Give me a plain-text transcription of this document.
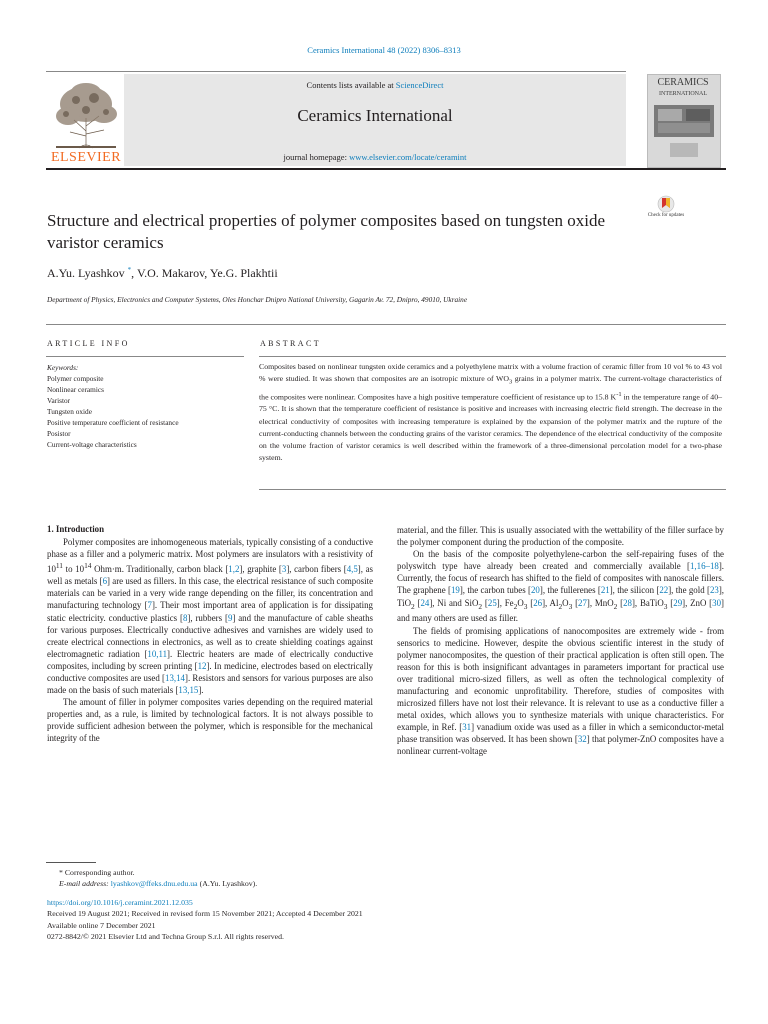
Ceramics International 48 (2022) 8306–8313
Contents lists available at ScienceDirect
Ceramics International
journal homepage: www.elsevier.com/locate/ceramint
ELSEVIER
CERAMICS
INTERNATIONAL
Check for updates
Structure and electrical properties of polymer composites based on tungsten oxide varistor ceramics
A.Yu. Lyashkov *, V.O. Makarov, Ye.G. Plakhtii
Department of Physics, Electronics and Computer Systems, Oles Honchar Dnipro National University, Gagarin Av. 72, Dnipro, 49010, Ukraine
ARTICLE INFO	ABSTRACT
Keywords:
Polymer composite
Nonlinear ceramics
Varistor
Tungsten oxide
Positive temperature coefficient of resistance
Posistor
Current-voltage characteristics
Composites based on nonlinear tungsten oxide ceramics and a polyethylene matrix with a volume fraction of ceramic filler from 10 vol % to 43 vol % were studied. It was shown that composites are an isotropic mixture of $WO_3$ grains in a polymer matrix. The current-voltage characteristics of the composites were nonlinear. Composites have a high positive temperature coefficient of resistance up to 15.8 $K^{-1}$ in the temperature range of 40–75 °C. It is shown that the temperature coefficient of resistance is positive and increases with increasing electric field strength. The decrease in the electrical conductivity of composites with increasing temperature is explained by the expansion of the polymer matrix and the rupture of the current-conducting channels between the conducting grains of the varistor ceramics. The dependence of the electrical conductivity of the composite on the volume fraction of varistor ceramics is well described within the framework of a three-dimensional percolation model for a two-phase system.
1. Introduction

Polymer composites are inhomogeneous materials, typically consisting of a conductive phase as a filler and a polymeric matrix. Most polymers are insulators with a resistivity of $10^{11}$ to $10^{14}$ Ohm·m. Traditionally, carbon black [1,2], graphite [3], carbon fibers [4,5], as well as metals [6] are used as fillers. In this case, the electrical resistance of such composite materials can be varied in a very wide range depending on the filler, its concentration and manufacturing technology [7]. Their most important area of application is for dissipating static electricity. conductive plastics [8], rubbers [9] and the manufacture of cable sheaths for various purposes. Electrically conductive adhesives and varnishes are widely used to create electrical connections in electronics, as well as to create shielding coatings against electromagnetic radiation [10,11]. Electric heaters are made of electrically conductive composites, including by screen printing [12]. In medicine, electrodes based on electrically conductive composites are used [13,14]. Resistors and sensors for various purposes are also made on the basis of such materials [13,15].

The amount of filler in polymer composites varies depending on the required material properties and, as a rule, is limited by technological factors. It is not always possible to provide sufficient adhesion between the polymer, which is responsible for the mechanical integrity of the

material, and the filler. This is usually associated with the wettability of the filler surface by the polymer component during the production of the composite.

On the basis of the composite polyethylene-carbon the self-repairing fuses of the polyswitch type have already been created and commercially available [1,16–18]. Currently, the focus of research has shifted to the field of composites with nanoscale fillers. The graphene [19], the carbon tubes [20], the fullerenes [21], the silicon [22], the gold [23], TiO$_2$ [24], Ni and SiO$_2$ [25], $Fe_2O_3$ [26], $Al_2O_3$ [27], MnO$_2$ [28], BaTiO$_3$ [29], ZnO [30] and many others are used as filler.

The fields of promising applications of nanocomposites are extremely wide - from sensorics to medicine. However, despite the obvious scientific interest in the study of polymer nanocomposites, the question of their practical application is often still open. The reason for this is both insignificant advantages in parameters important for practical use over traditional micro-sized fillers, as well as often the technological complexity of manufacturing and economic unprofitability. Therefore, studies of composites with microsized fillers have not lost their relevance. It is relevant to use as a conductive filler a metal oxides, which allows you to synthesize materials with unique characteristics. For example, in Ref. [31] vanadium oxide was used as a filler in which a semiconductor-metal phase transition was observed. It has been shown [32] that polymer-ZnO composites have a nonlinear current-voltage

* Corresponding author.
E-mail address: lyashkov@ffeks.dnu.edu.ua (A.Yu. Lyashkov).
https://doi.org/10.1016/j.ceramint.2021.12.035
Received 19 August 2021; Received in revised form 15 November 2021; Accepted 4 December 2021
Available online 7 December 2021
0272-8842/© 2021 Elsevier Ltd and Techna Group S.r.l. All rights reserved.
